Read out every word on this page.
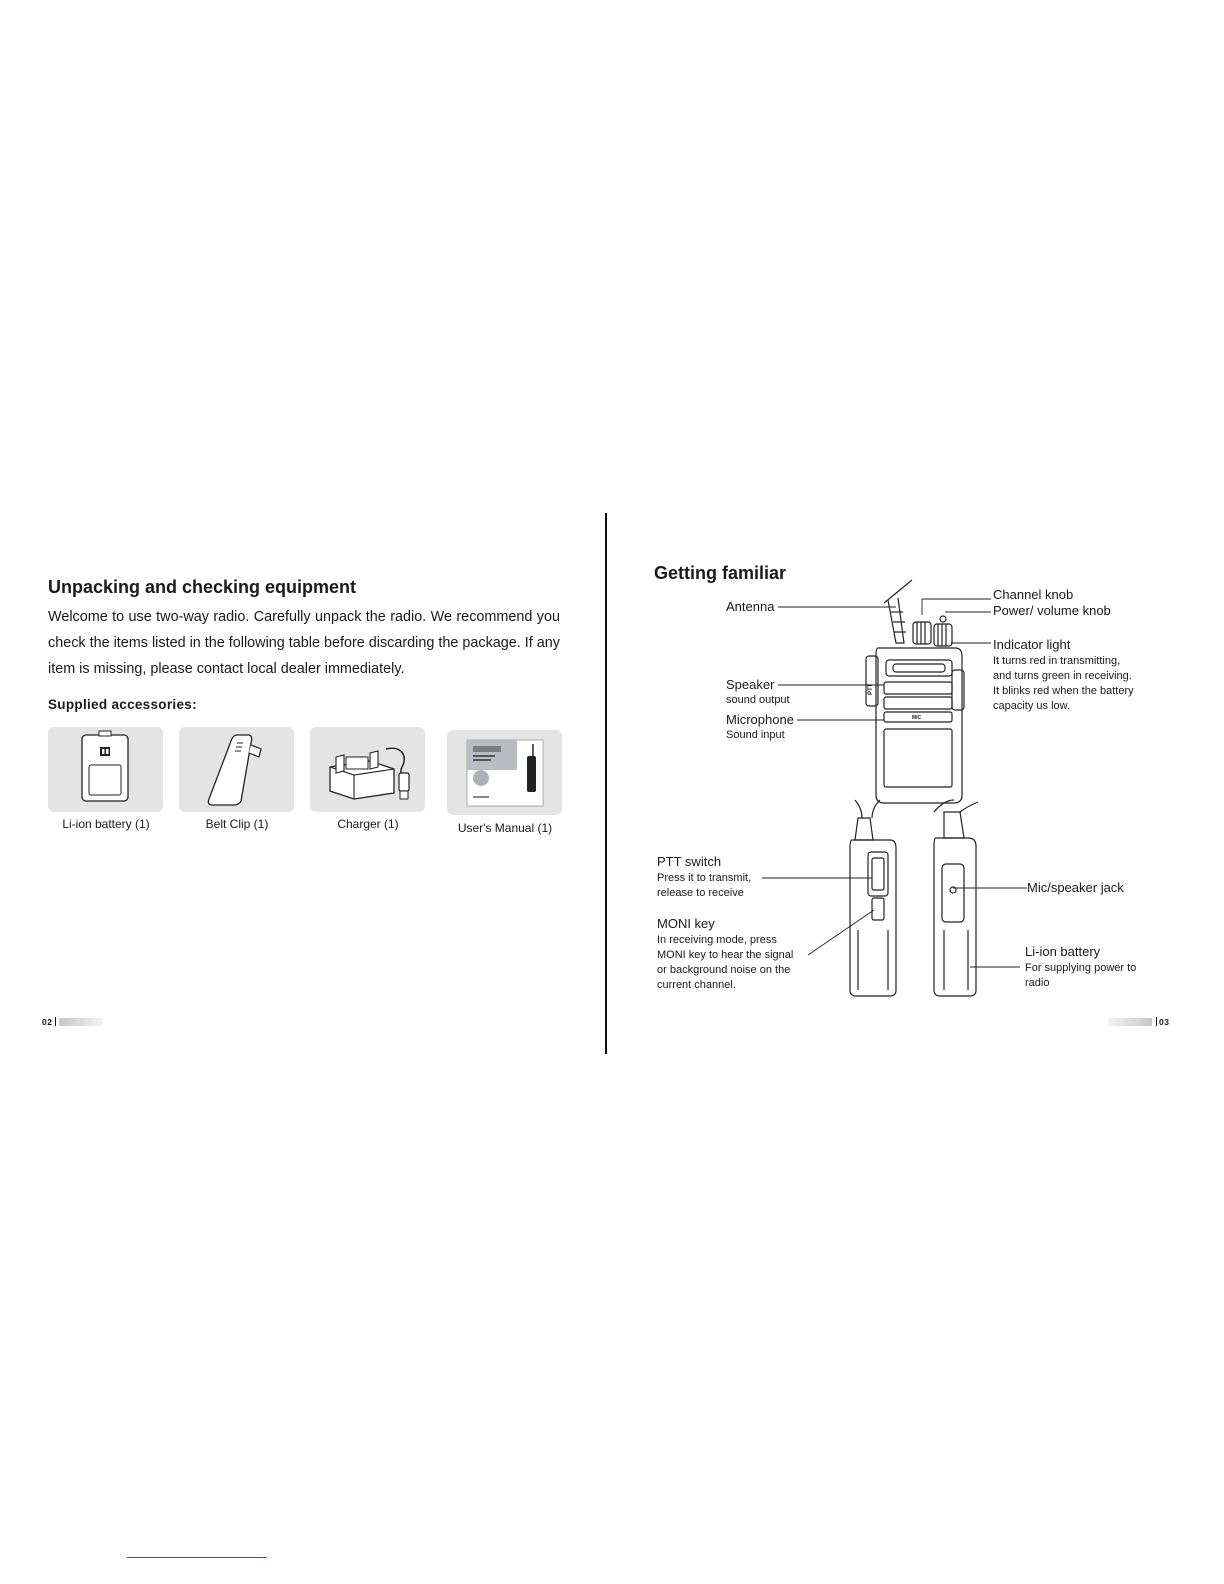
Unpacking and checking equipment

Welcome to use two-way radio. Carefully unpack the radio. We recommend you check the items listed in the following table before discarding the package. If any item is missing, please contact local dealer immediately.

Supplied accessories:

Li-ion battery (1)	Belt Clip (1)	Charger (1)	User's Manual (1)
02
Getting familiar
PTT
MIC
Antenna
Channel knob
Power/ volume knob
Indicator light
It turns red in transmitting,
and turns green in receiving.
It blinks red when the battery
capacity us low.
Speaker
sound output
Microphone
Sound input
PTT switch
Press it to transmit,
release to receive
MONI key
In receiving mode, press
MONI key to hear the signal
or background noise on the
current channel.
Mic/speaker jack
Li-ion battery
For supplying power to
radio
03
